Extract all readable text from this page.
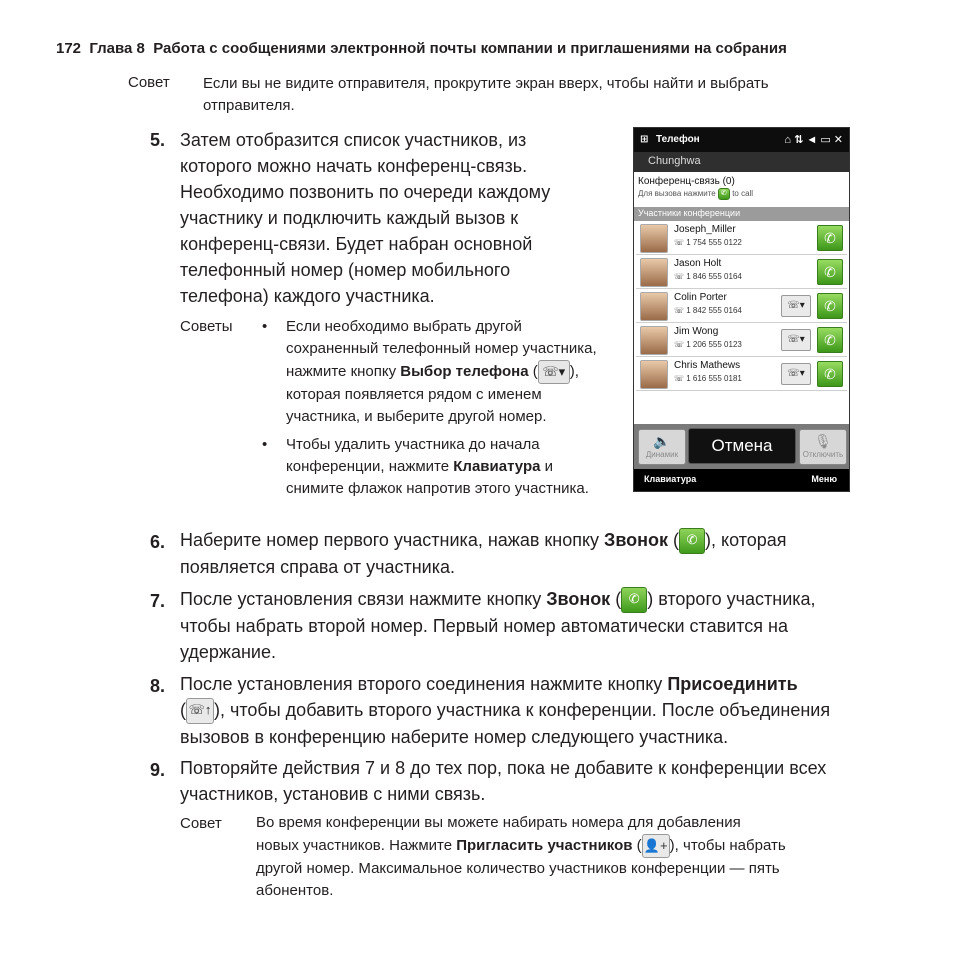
172 Глава 8 Работа с сообщениями электронной почты компании и приглашениями на собрания
Совет Если вы не видите отправителя, прокрутите экран вверх, чтобы найти и выбрать
отправителя.
5. Затем отобразится список участников, из
которого можно начать конференц-связь.
Необходимо позвонить по очереди каждому
участнику и подключить каждый вызов к
конференц-связи. Будет набран основной
телефонный номер (номер мобильного
телефона) каждого участника.
Советы • Если необходимо выбрать другой
сохраненный телефонный номер участника,
нажмите кнопку Выбор телефона ( ☏▾ ),
которая появляется рядом с именем
участника, и выберите другой номер.
• Чтобы удалить участника до начала
конференции, нажмите Клавиатура и
снимите флажок напротив этого участника.
⊞ Телефон	⌂ ⇅ ◄ ▭ ✕
Chunghwa
Конференц-связь (0)
Для вызова нажмите ✆ to call
Участники конференции
Joseph_Miller
☏ 1 754 555 0122	✆
Jason Holt
☏ 1 846 555 0164	✆
Colin Porter
☏ 1 842 555 0164	☏▾	✆
Jim Wong
☏ 1 206 555 0123	☏▾	✆
Chris Mathews
☏ 1 616 555 0181	☏▾	✆
🔈
Динамик	Отмена	🎙
Отключить
Клавиатура	Меню
6. Наберите номер первого участника, нажав кнопку Звонок ( ✆ ), которая
появляется справа от участника.
7. После установления связи нажмите кнопку Звонок ( ✆ ) второго участника,
чтобы набрать второй номер. Первый номер автоматически ставится на
удержание.
8. После установления второго соединения нажмите кнопку Присоединить
( ☏↑ ), чтобы добавить второго участника к конференции. После объединения
вызовов в конференцию наберите номер следующего участника.
9. Повторяйте действия 7 и 8 до тех пор, пока не добавите к конференции всех
участников, установив с ними связь.
Совет Во время конференции вы можете набирать номера для добавления
новых участников. Нажмите Пригласить участников ( 👤+ ), чтобы набрать
другой номер. Максимальное количество участников конференции — пять
абонентов.
